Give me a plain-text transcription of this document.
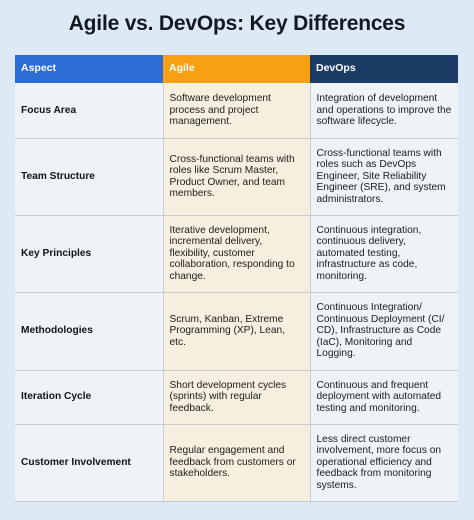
Agile vs. DevOps: Key Differences
Aspect	Agile	DevOps
Focus Area	Software development process and project management.	Integration of development and operations to improve the software lifecycle.
Team Structure	Cross-functional teams with roles like Scrum Master, Product Owner, and team members.	Cross-functional teams with roles such as DevOps Engineer, Site Reliability Engineer (SRE), and system administrators.
Key Principles	Iterative development, incremental delivery, flexibility, customer collaboration, responding to change.	Continuous integration, continuous delivery, automated testing, infrastructure as code, monitoring.
Methodologies	Scrum, Kanban, Extreme Programming (XP), Lean, etc.	Continuous Integration/ Continuous Deployment (CI/ CD), Infrastructure as Code (IaC), Monitoring and Logging.
Iteration Cycle	Short development cycles (sprints) with regular feedback.	Continuous and frequent deployment with automated testing and monitoring.
Customer Involvement	Regular engagement and feedback from customers or stakeholders.	Less direct customer involvement, more focus on operational efficiency and feedback from monitoring systems.
